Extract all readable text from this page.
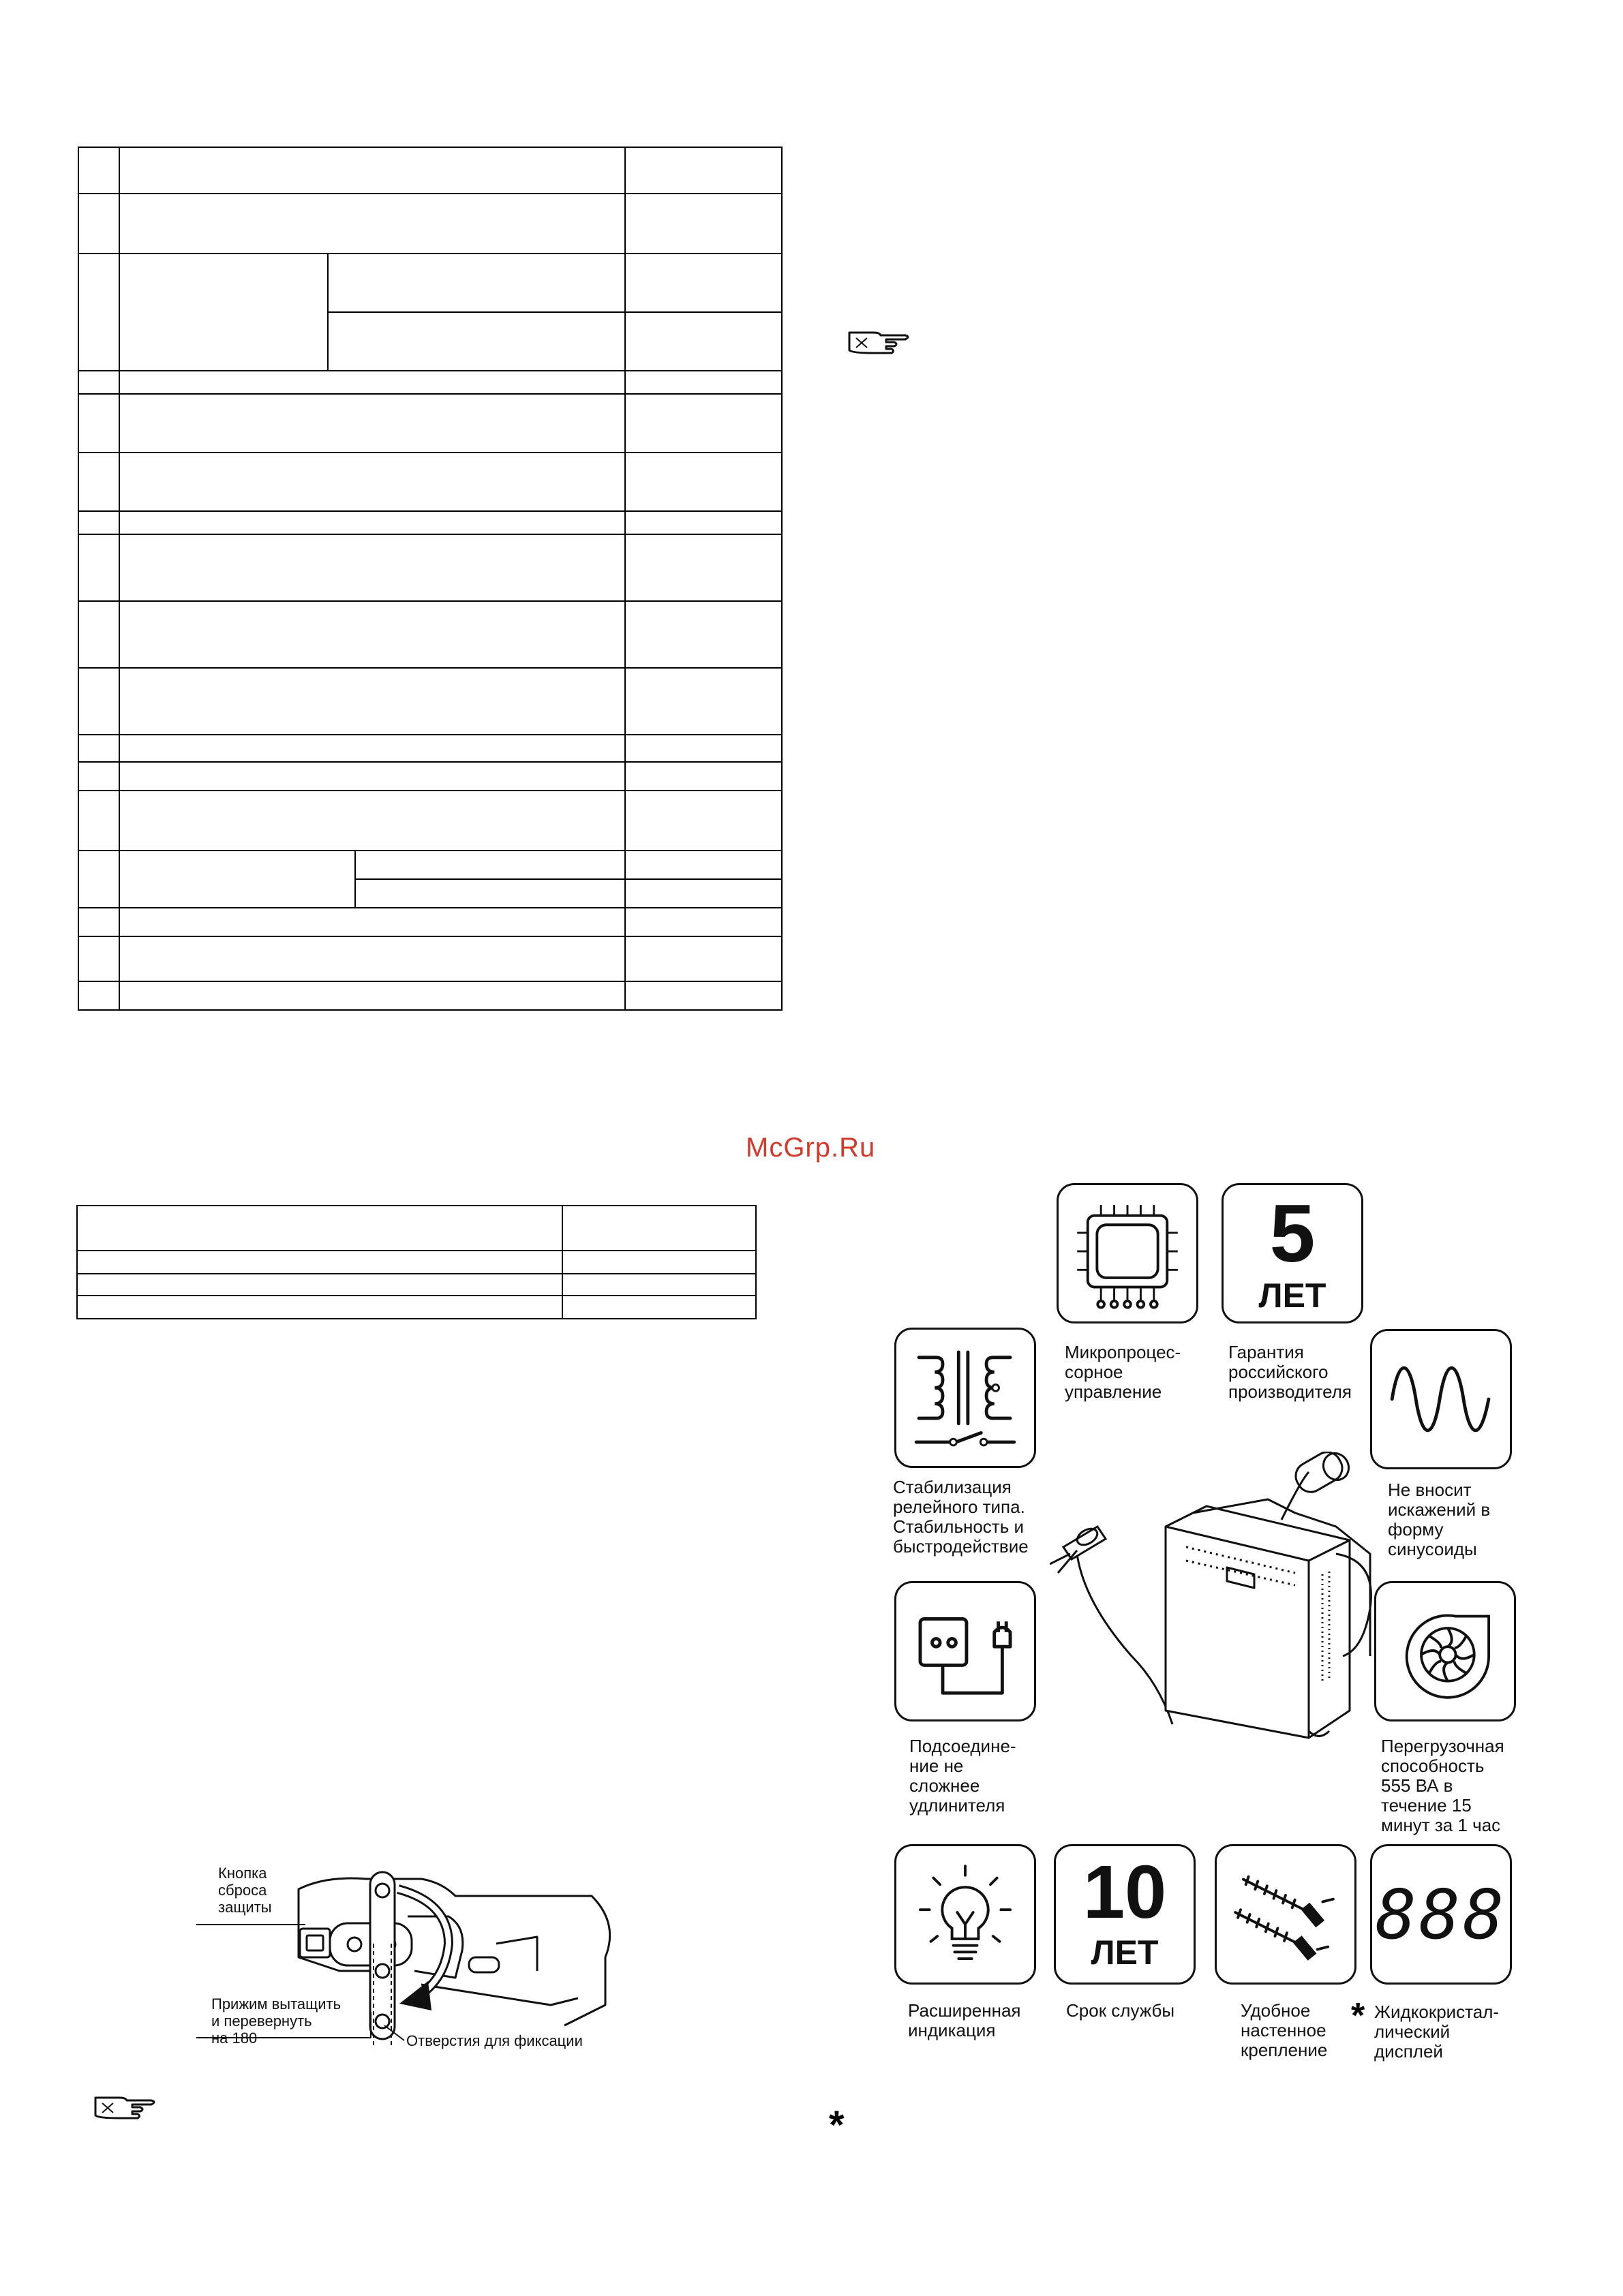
McGrp.Ru

Кнопка
сброса
защиты
Прижим вытащить
и перевернуть
на 180	Отверстия для фиксации
Микропроцес-
сорное
управление
5
ЛЕТ
Гарантия
российского
производителя
Стабилизация
релейного типа.
Стабильность и
быстродействие
Не вносит
искажений в
форму
синусоиды
Подсоедине-
ние не
сложнее
удлинителя
Перегрузочная
способность
555 ВА в
течение 15
минут за 1 час
Расширенная
индикация
10
ЛЕТ
Срок службы	Удобное
настенное
крепление
888
* Жидкокристал-
лический
дисплей
*
